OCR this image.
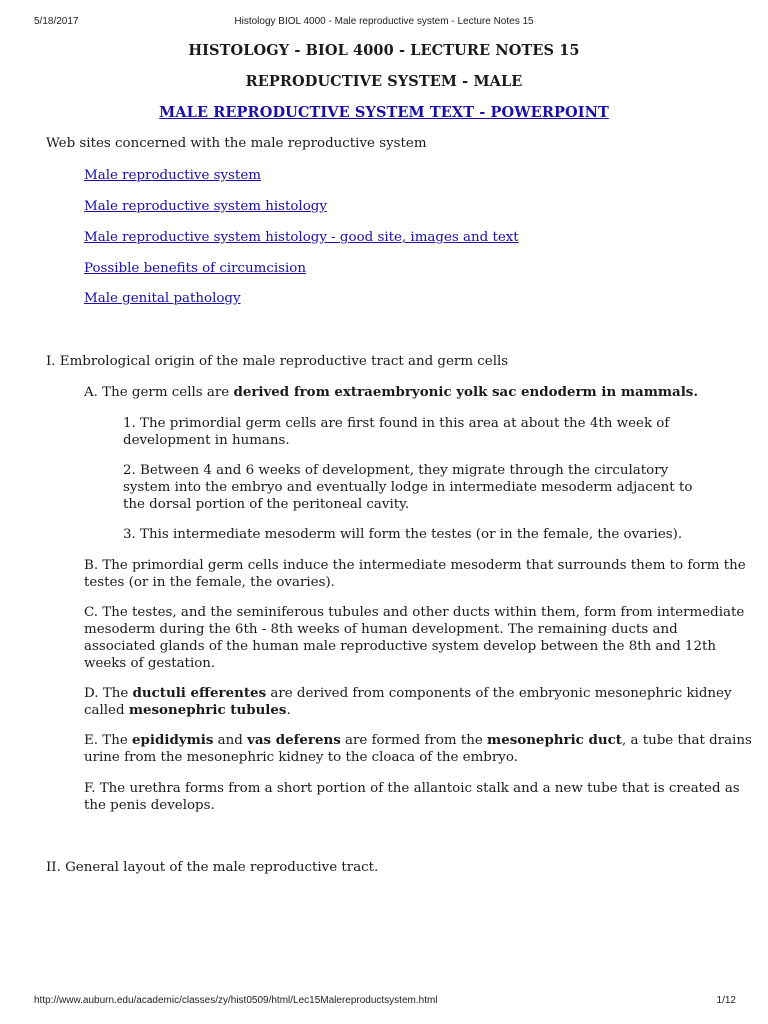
5/18/2017	Histology BIOL 4000 - Male reproductive system - Lecture Notes 15
HISTOLOGY - BIOL 4000 - LECTURE NOTES 15
REPRODUCTIVE SYSTEM - MALE
MALE REPRODUCTIVE SYSTEM TEXT - POWERPOINT
Web sites concerned with the male reproductive system
Male reproductive system
Male reproductive system histology
Male reproductive system histology - good site, images and text
Possible benefits of circumcision
Male genital pathology
I. Embrological origin of the male reproductive tract and germ cells
A. The germ cells are derived from extraembryonic yolk sac endoderm in mammals.
1. The primordial germ cells are first found in this area at about the 4th week of
development in humans.
2. Between 4 and 6 weeks of development, they migrate through the circulatory
system into the embryo and eventually lodge in intermediate mesoderm adjacent to
the dorsal portion of the peritoneal cavity.
3. This intermediate mesoderm will form the testes (or in the female, the ovaries).
B. The primordial germ cells induce the intermediate mesoderm that surrounds them to form the
testes (or in the female, the ovaries).
C. The testes, and the seminiferous tubules and other ducts within them, form from intermediate
mesoderm during the 6th - 8th weeks of human development. The remaining ducts and
associated glands of the human male reproductive system develop between the 8th and 12th
weeks of gestation.
D. The ductuli efferentes are derived from components of the embryonic mesonephric kidney
called mesonephric tubules.
E. The epididymis and vas deferens are formed from the mesonephric duct, a tube that drains
urine from the mesonephric kidney to the cloaca of the embryo.
F. The urethra forms from a short portion of the allantoic stalk and a new tube that is created as
the penis develops.
II. General layout of the male reproductive tract.
http://www.auburn.edu/academic/classes/zy/hist0509/html/Lec15Malereproductsystem.html	1/12
